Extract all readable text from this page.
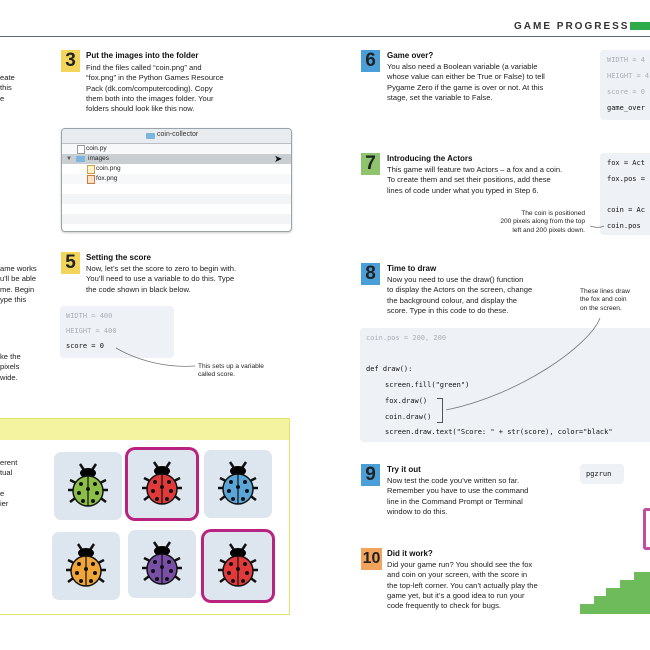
GAME PROGRESS
eate
this
e
ame works
u'll be able
me. Begin
ype this
ke the
pixels
wide.
3	Put the images into the folder
Find the files called “coin.png” and
“fox.png” in the Python Games Resource
Pack (dk.com/computercoding). Copy
them both into the images folder. Your
folders should look like this now.
coin-collector
coin.py
▼ images
coin.png
fox.png
➤
5	Setting the score
Now, let’s set the score to zero to begin with.
You’ll need to use a variable to do this. Type
the code shown in black below.
WIDTH = 400
HEIGHT = 400
score = 0
This sets up a variable
called score.
erent
tual
e
ier
6	Game over?
You also need a Boolean variable (a variable
whose value can either be True or False) to tell
Pygame Zero if the game is over or not. At this
stage, set the variable to False.
WIDTH = 4
HEIGHT = 4
score = 0
game_over
7	Introducing the Actors
This game will feature two Actors – a fox and a coin.
To create them and set their positions, add these
lines of code under what you typed in Step 6.
fox = Act
fox.pos =
coin = Ac
coin.pos
The coin is positioned
200 pixels along from the top
left and 200 pixels down.
8	Time to draw
Now you need to use the draw() function
to display the Actors on the screen, change
the background colour, and display the
score. Type in this code to do these.
These lines draw
the fox and coin
on the screen.
coin.pos = 200, 200
def draw():
screen.fill("green")
fox.draw()
coin.draw()
screen.draw.text("Score: " + str(score), color="black"
9	Try it out
Now test the code you’ve written so far.
Remember you have to use the command
line in the Command Prompt or Terminal
window to do this.
pgzrun
10 Did it work?
Did your game run? You should see the fox
and coin on your screen, with the score in
the top-left corner. You can’t actually play the
game yet, but it’s a good idea to run your
code frequently to check for bugs.
